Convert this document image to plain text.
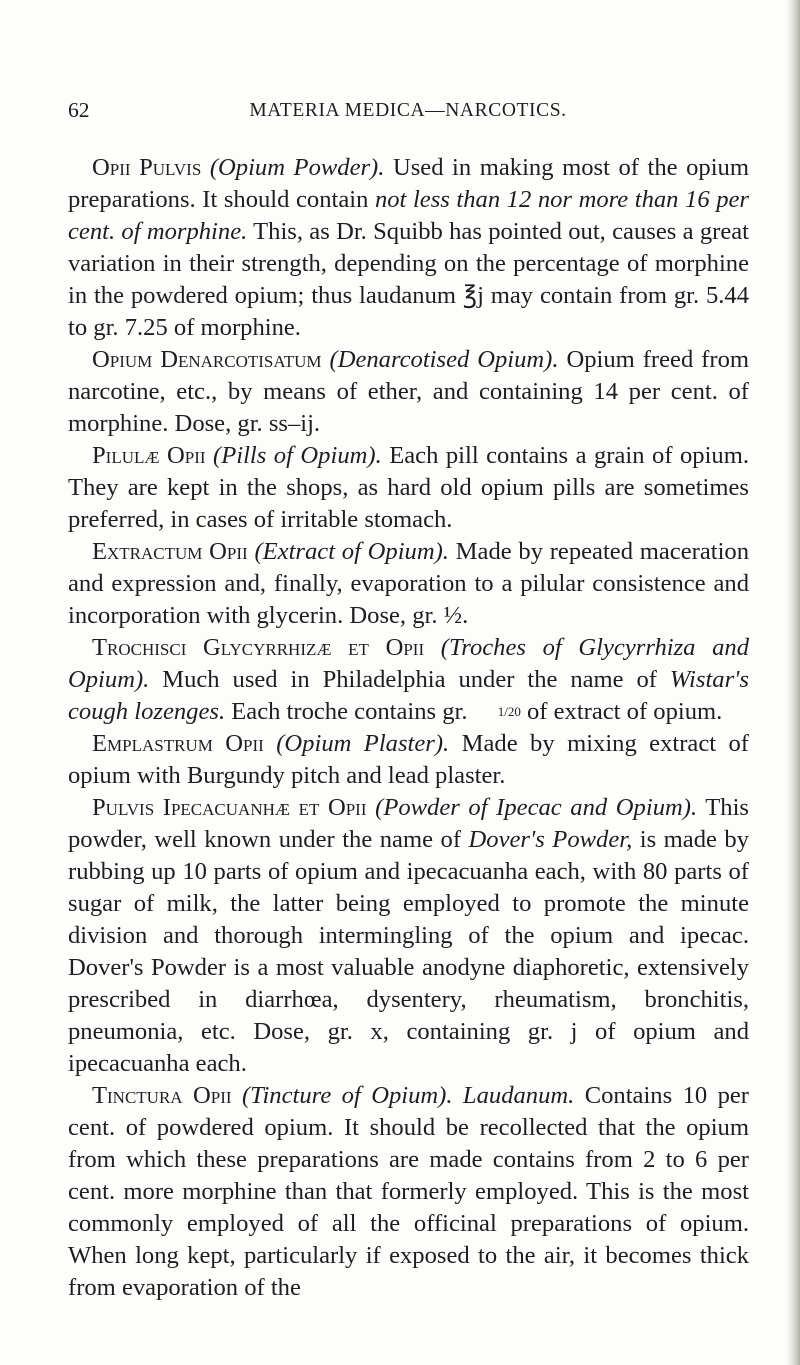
62	MATERIA MEDICA—NARCOTICS.

Opii Pulvis (Opium Powder). Used in making most of the opium preparations. It should contain not less than 12 nor more than 16 per cent. of morphine. This, as Dr. Squibb has pointed out, causes a great variation in their strength, depending on the percentage of morphine in the powdered opium; thus laudanum ℥j may contain from gr. 5.44 to gr. 7.25 of morphine.

Opium Denarcotisatum (Denarcotised Opium). Opium freed from narcotine, etc., by means of ether, and containing 14 per cent. of morphine. Dose, gr. ss–ij.

Pilulæ Opii (Pills of Opium). Each pill contains a grain of opium. They are kept in the shops, as hard old opium pills are sometimes preferred, in cases of irritable stomach.

Extractum Opii (Extract of Opium). Made by repeated maceration and expression and, finally, evaporation to a pilular consistence and incorporation with glycerin. Dose, gr. ½.

Trochisci Glycyrrhizæ et Opii (Troches of Glycyrrhiza and Opium). Much used in Philadelphia under the name of Wistar's cough lozenges. Each troche contains gr. 1/20 of extract of opium.

Emplastrum Opii (Opium Plaster). Made by mixing extract of opium with Burgundy pitch and lead plaster.

Pulvis Ipecacuanhæ et Opii (Powder of Ipecac and Opium). This powder, well known under the name of Dover's Powder, is made by rubbing up 10 parts of opium and ipecacuanha each, with 80 parts of sugar of milk, the latter being employed to promote the minute division and thorough intermingling of the opium and ipecac. Dover's Powder is a most valuable anodyne diaphoretic, extensively prescribed in diarrhœa, dysentery, rheumatism, bronchitis, pneumonia, etc. Dose, gr. x, containing gr. j of opium and ipecacuanha each.

Tinctura Opii (Tincture of Opium). Laudanum. Contains 10 per cent. of powdered opium. It should be recollected that the opium from which these preparations are made contains from 2 to 6 per cent. more morphine than that formerly employed. This is the most commonly employed of all the officinal preparations of opium. When long kept, particularly if exposed to the air, it becomes thick from evaporation of the
